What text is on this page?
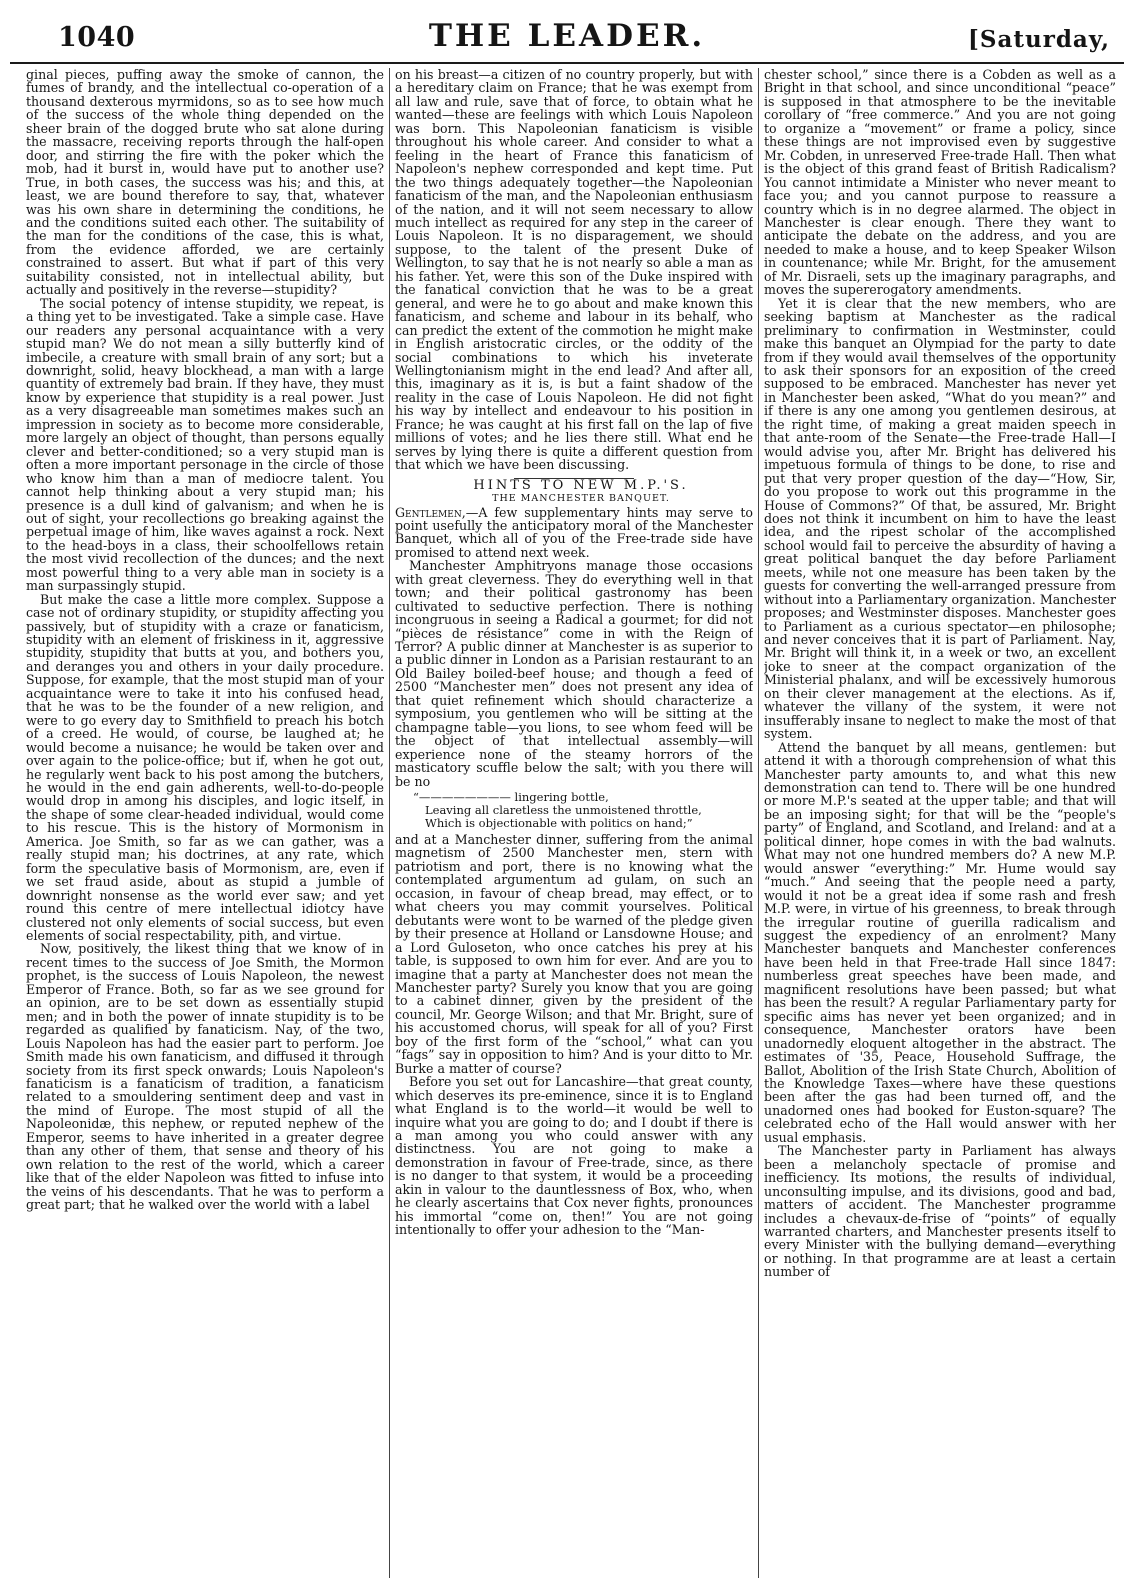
1040	THE LEADER.	[Saturday,

ginal pieces, puffing away the smoke of cannon, the fumes of brandy, and the intellectual co-operation of a thousand dexterous myrmidons, so as to see how much of the success of the whole thing depended on the sheer brain of the dogged brute who sat alone during the massacre, receiving reports through the half-open door, and stirring the fire with the poker which the mob, had it burst in, would have put to another use? True, in both cases, the success was his; and this, at least, we are bound therefore to say, that, whatever was his own share in determining the conditions, he and the conditions suited each other. The suitability of the man for the conditions of the case, this is what, from the evidence afforded, we are certainly constrained to assert. But what if part of this very suitability consisted, not in intellectual ability, but actually and positively in the reverse—stupidity?

The social potency of intense stupidity, we repeat, is a thing yet to be investigated. Take a simple case. Have our readers any personal acquaintance with a very stupid man? We do not mean a silly butterfly kind of imbecile, a creature with small brain of any sort; but a downright, solid, heavy blockhead, a man with a large quantity of extremely bad brain. If they have, they must know by experience that stupidity is a real power. Just as a very disagreeable man sometimes makes such an impression in society as to become more considerable, more largely an object of thought, than persons equally clever and better-conditioned; so a very stupid man is often a more important personage in the circle of those who know him than a man of mediocre talent. You cannot help thinking about a very stupid man; his presence is a dull kind of galvanism; and when he is out of sight, your recollections go breaking against the perpetual image of him, like waves against a rock. Next to the head-boys in a class, their schoolfellows retain the most vivid recollection of the dunces; and the next most powerful thing to a very able man in society is a man surpassingly stupid.

But make the case a little more complex. Suppose a case not of ordinary stupidity, or stupidity affecting you passively, but of stupidity with a craze or fanaticism, stupidity with an element of friskiness in it, aggressive stupidity, stupidity that butts at you, and bothers you, and deranges you and others in your daily procedure. Suppose, for example, that the most stupid man of your acquaintance were to take it into his confused head, that he was to be the founder of a new religion, and were to go every day to Smithfield to preach his botch of a creed. He would, of course, be laughed at; he would become a nuisance; he would be taken over and over again to the police-office; but if, when he got out, he regularly went back to his post among the butchers, he would in the end gain adherents, well-to-do-people would drop in among his disciples, and logic itself, in the shape of some clear-headed individual, would come to his rescue. This is the history of Mormonism in America. Joe Smith, so far as we can gather, was a really stupid man; his doctrines, at any rate, which form the speculative basis of Mormonism, are, even if we set fraud aside, about as stupid a jumble of downright nonsense as the world ever saw; and yet round this centre of mere intellectual idiotcy have clustered not only elements of social success, but even elements of social respectability, pith, and virtue.

Now, positively, the likest thing that we know of in recent times to the success of Joe Smith, the Mormon prophet, is the success of Louis Napoleon, the newest Emperor of France. Both, so far as we see ground for an opinion, are to be set down as essentially stupid men; and in both the power of innate stupidity is to be regarded as qualified by fanaticism. Nay, of the two, Louis Napoleon has had the easier part to perform. Joe Smith made his own fanaticism, and diffused it through society from its first speck onwards; Louis Napoleon's fanaticism is a fanaticism of tradition, a fanaticism related to a smouldering sentiment deep and vast in the mind of Europe. The most stupid of all the Napoleonidæ, this nephew, or reputed nephew of the Emperor, seems to have inherited in a greater degree than any other of them, that sense and theory of his own relation to the rest of the world, which a career like that of the elder Napoleon was fitted to infuse into the veins of his descendants. That he was to perform a great part; that he walked over the world with a label

on his breast—a citizen of no country properly, but with a hereditary claim on France; that he was exempt from all law and rule, save that of force, to obtain what he wanted—these are feelings with which Louis Napoleon was born. This Napoleonian fanaticism is visible throughout his whole career. And consider to what a feeling in the heart of France this fanaticism of Napoleon's nephew corresponded and kept time. Put the two things adequately together—the Napoleonian fanaticism of the man, and the Napoleonian enthusiasm of the nation, and it will not seem necessary to allow much intellect as required for any step in the career of Louis Napoleon. It is no disparagement, we should suppose, to the talent of the present Duke of Wellington, to say that he is not nearly so able a man as his father. Yet, were this son of the Duke inspired with the fanatical conviction that he was to be a great general, and were he to go about and make known this fanaticism, and scheme and labour in its behalf, who can predict the extent of the commotion he might make in English aristocratic circles, or the oddity of the social combinations to which his inveterate Wellingtonianism might in the end lead? And after all, this, imaginary as it is, is but a faint shadow of the reality in the case of Louis Napoleon. He did not fight his way by intellect and endeavour to his position in France; he was caught at his first fall on the lap of five millions of votes; and he lies there still. What end he serves by lying there is quite a different question from that which we have been discussing.

HINTS TO NEW M.P.'S.

THE MANCHESTER BANQUET.

Gentlemen,—A few supplementary hints may serve to point usefully the anticipatory moral of the Manchester Banquet, which all of you of the Free-trade side have promised to attend next week.

Manchester Amphitryons manage those occasions with great cleverness. They do everything well in that town; and their political gastronomy has been cultivated to seductive perfection. There is nothing incongruous in seeing a Radical a gourmet; for did not “pièces de résistance” come in with the Reign of Terror? A public dinner at Manchester is as superior to a public dinner in London as a Parisian restaurant to an Old Bailey boiled-beef house; and though a feed of 2500 “Manchester men” does not present any idea of that quiet refinement which should characterize a symposium, you gentlemen who will be sitting at the champagne table—you lions, to see whom feed will be the object of that intellectual assembly—will experience none of the steamy horrors of the masticatory scuffle below the salt; with you there will be no

“———————— lingering bottle,
Leaving all claretless the unmoistened throttle,
Which is objectionable with politics on hand;”

and at a Manchester dinner, suffering from the animal magnetism of 2500 Manchester men, stern with patriotism and port, there is no knowing what the contemplated argumentum ad gulam, on such an occasion, in favour of cheap bread, may effect, or to what cheers you may commit yourselves. Political debutants were wont to be warned of the pledge given by their presence at Holland or Lansdowne House; and a Lord Guloseton, who once catches his prey at his table, is supposed to own him for ever. And are you to imagine that a party at Manchester does not mean the Manchester party? Surely you know that you are going to a cabinet dinner, given by the president of the council, Mr. George Wilson; and that Mr. Bright, sure of his accustomed chorus, will speak for all of you? First boy of the first form of the “school,” what can you “fags” say in opposition to him? And is your ditto to Mr. Burke a matter of course?

Before you set out for Lancashire—that great county, which deserves its pre-eminence, since it is to England what England is to the world—it would be well to inquire what you are going to do; and I doubt if there is a man among you who could answer with any distinctness. You are not going to make a demonstration in favour of Free-trade, since, as there is no danger to that system, it would be a proceeding akin in valour to the dauntlessness of Box, who, when he clearly ascertains that Cox never fights, pronounces his immortal “come on, then!” You are not going intentionally to offer your adhesion to the “Man-

chester school,” since there is a Cobden as well as a Bright in that school, and since unconditional “peace” is supposed in that atmosphere to be the inevitable corollary of “free commerce.” And you are not going to organize a “movement” or frame a policy, since these things are not improvised even by suggestive Mr. Cobden, in unreserved Free-trade Hall. Then what is the object of this grand feast of British Radicalism? You cannot intimidate a Minister who never meant to face you; and you cannot purpose to reassure a country which is in no degree alarmed. The object in Manchester is clear enough. There they want to anticipate the debate on the address, and you are needed to make a house, and to keep Speaker Wilson in countenance; while Mr. Bright, for the amusement of Mr. Disraeli, sets up the imaginary paragraphs, and moves the supererogatory amendments.

Yet it is clear that the new members, who are seeking baptism at Manchester as the radical preliminary to confirmation in Westminster, could make this banquet an Olympiad for the party to date from if they would avail themselves of the opportunity to ask their sponsors for an exposition of the creed supposed to be embraced. Manchester has never yet in Manchester been asked, “What do you mean?” and if there is any one among you gentlemen desirous, at the right time, of making a great maiden speech in that ante-room of the Senate—the Free-trade Hall—I would advise you, after Mr. Bright has delivered his impetuous formula of things to be done, to rise and put that very proper question of the day—“How, Sir, do you propose to work out this programme in the House of Commons?” Of that, be assured, Mr. Bright does not think it incumbent on him to have the least idea, and the ripest scholar of the accomplished school would fail to perceive the absurdity of having a great political banquet the day before Parliament meets, while not one measure has been taken by the guests for converting the well-arranged pressure from without into a Parliamentary organization. Manchester proposes; and Westminster disposes. Manchester goes to Parliament as a curious spectator—en philosophe; and never conceives that it is part of Parliament. Nay, Mr. Bright will think it, in a week or two, an excellent joke to sneer at the compact organization of the Ministerial phalanx, and will be excessively humorous on their clever management at the elections. As if, whatever the villany of the system, it were not insufferably insane to neglect to make the most of that system.

Attend the banquet by all means, gentlemen: but attend it with a thorough comprehension of what this Manchester party amounts to, and what this new demonstration can tend to. There will be one hundred or more M.P.'s seated at the upper table; and that will be an imposing sight; for that will be the “people's party” of England, and Scotland, and Ireland: and at a political dinner, hope comes in with the bad walnuts. What may not one hundred members do? A new M.P. would answer “everything:” Mr. Hume would say “much.” And seeing that the people need a party, would it not be a great idea if some rash and fresh M.P. were, in virtue of his greenness, to break through the irregular routine of guerilla radicalism and suggest the expediency of an enrolment? Many Manchester banquets and Manchester conferences have been held in that Free-trade Hall since 1847: numberless great speeches have been made, and magnificent resolutions have been passed; but what has been the result? A regular Parliamentary party for specific aims has never yet been organized; and in consequence, Manchester orators have been unadornedly eloquent altogether in the abstract. The estimates of '35, Peace, Household Suffrage, the Ballot, Abolition of the Irish State Church, Abolition of the Knowledge Taxes—where have these questions been after the gas had been turned off, and the unadorned ones had booked for Euston-square? The celebrated echo of the Hall would answer with her usual emphasis.

The Manchester party in Parliament has always been a melancholy spectacle of promise and inefficiency. Its motions, the results of individual, unconsulting impulse, and its divisions, good and bad, matters of accident. The Manchester programme includes a chevaux-de-frise of “points” of equally warranted charters, and Manchester presents itself to every Minister with the bullying demand—everything or nothing. In that programme are at least a certain number of
